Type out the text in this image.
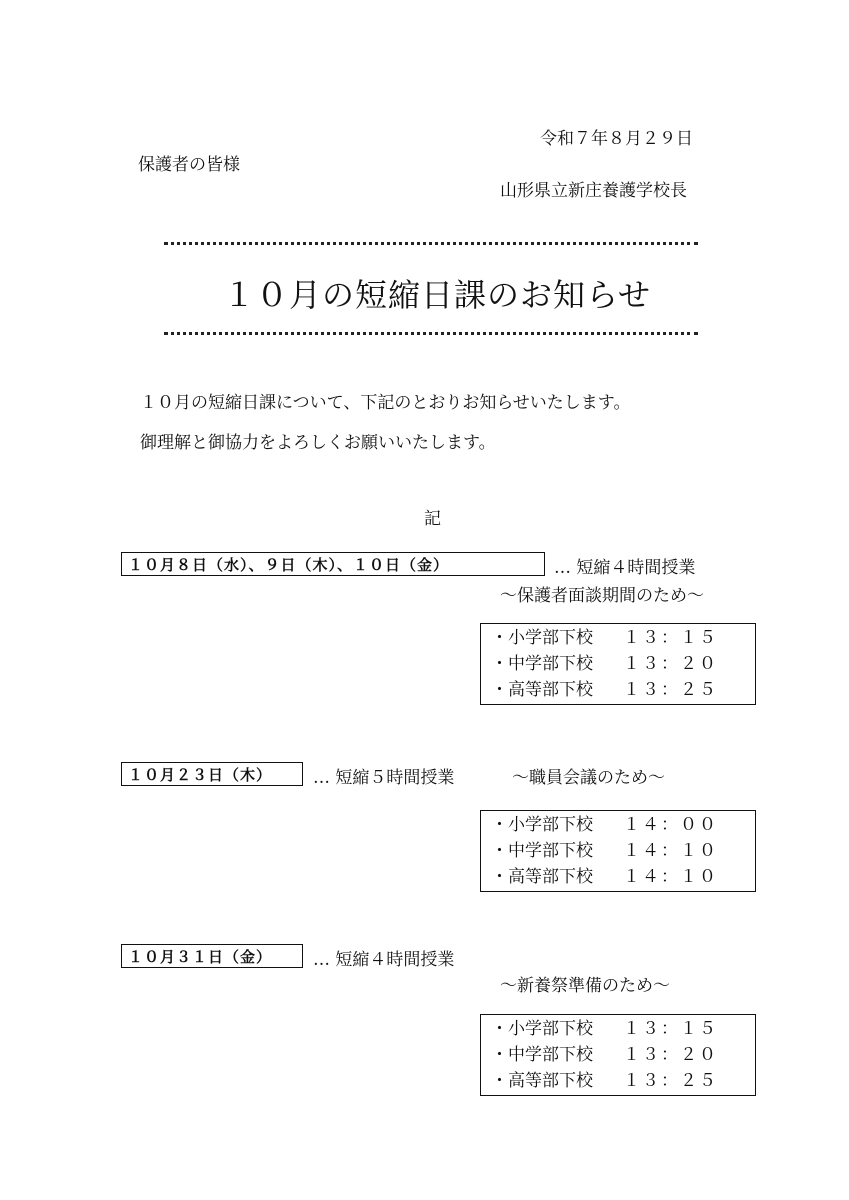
令和７年８月２９日
保護者の皆様
山形県立新庄養護学校長
１０月の短縮日課のお知らせ
１０月の短縮日課について、下記のとおりお知らせいたします。
御理解と御協力をよろしくお願いいたします。
記
１０月８日（水）、９日（木）、１０日（金）	… 短縮４時間授業
〜保護者面談期間のため〜
・小学部下校 １３：１５
・中学部下校 １３：２０
・高等部下校 １３：２５
１０月２３日（木）	… 短縮５時間授業	〜職員会議のため〜
・小学部下校 １４：００
・中学部下校 １４：１０
・高等部下校 １４：１０
１０月３１日（金）	… 短縮４時間授業
〜新養祭準備のため〜
・小学部下校 １３：１５
・中学部下校 １３：２０
・高等部下校 １３：２５
